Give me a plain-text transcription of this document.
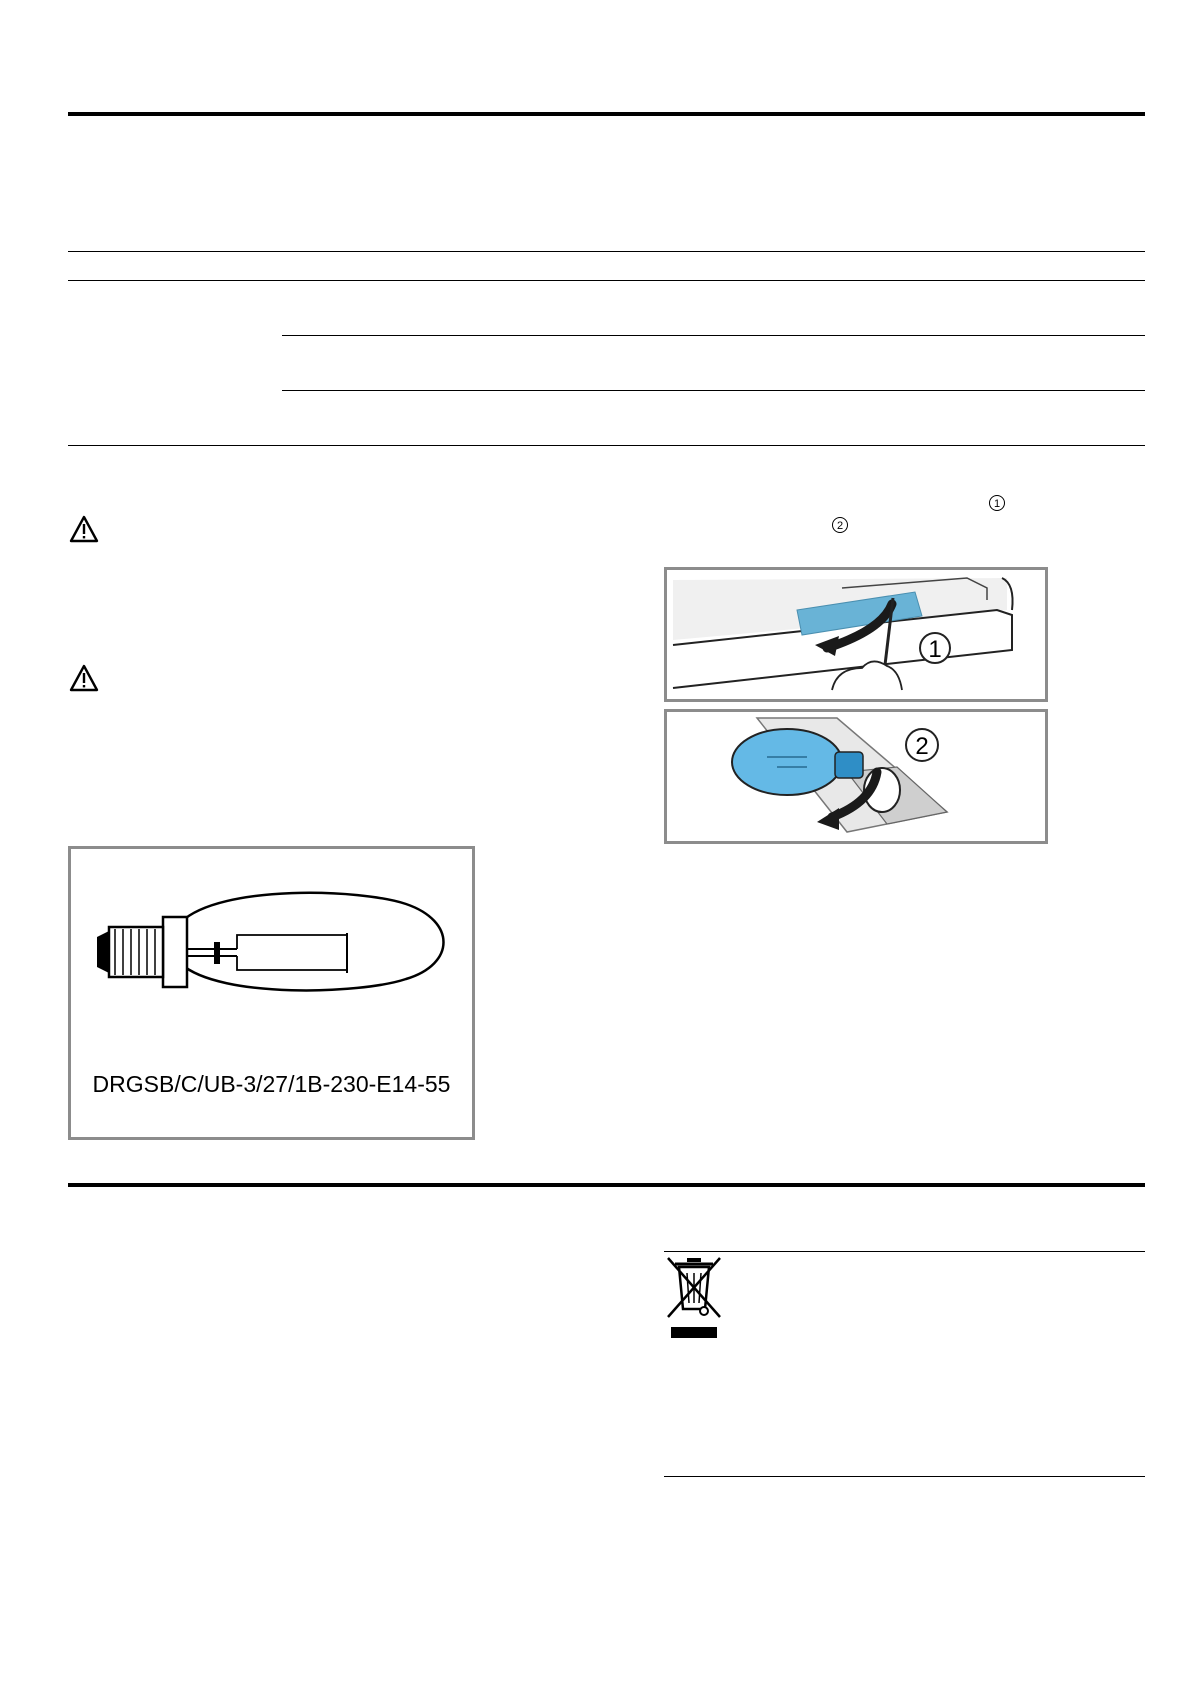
1
2
1
2
DRGSB/C/UB-3/27/1B-230-E14-55
